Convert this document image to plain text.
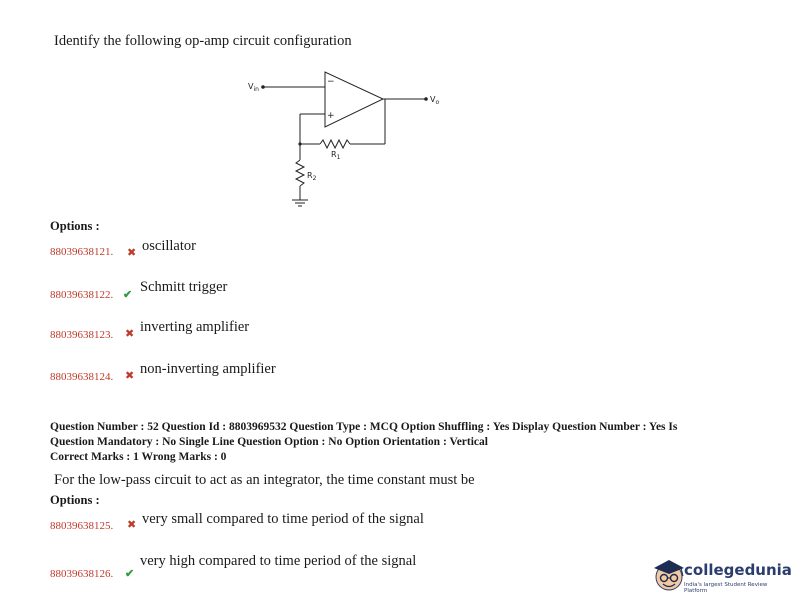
Identify the following op-amp circuit configuration
−
+
$V_{in}$
$V_o$
$R_1$
$R_2$
Options :
88039638121. ✖ oscillator
88039638122. ✔ Schmitt trigger
88039638123. ✖ inverting amplifier
88039638124. ✖ non-inverting amplifier
Question Number : 52 Question Id : 8803969532 Question Type : MCQ Option Shuffling : Yes Display Question Number : Yes Is
Question Mandatory : No Single Line Question Option : No Option Orientation : Vertical
Correct Marks : 1 Wrong Marks : 0
For the low-pass circuit to act as an integrator, the time constant must be
Options :
88039638125. ✖ very small compared to time period of the signal
88039638126. ✔
very high compared to time period of the signal	collegedunia
India's largest Student Review Platform
